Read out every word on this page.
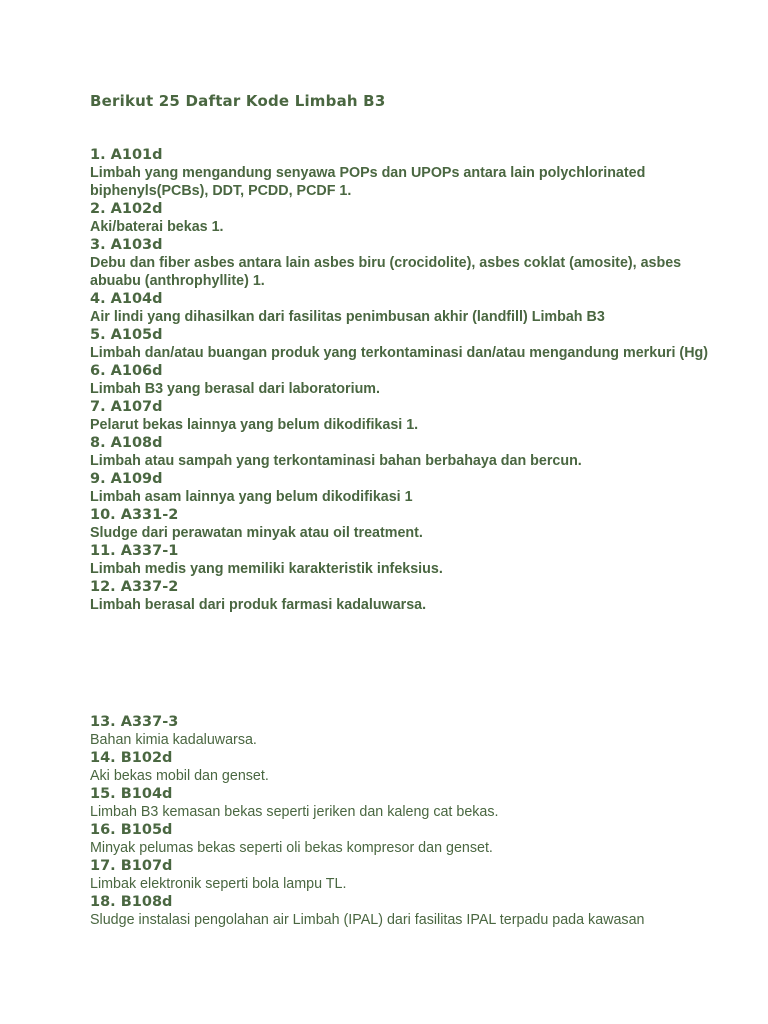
Berikut 25 Daftar Kode Limbah B3
1. A101d
Limbah yang mengandung senyawa POPs dan UPOPs antara lain polychlorinated biphenyls(PCBs), DDT, PCDD, PCDF 1.
2. A102d
Aki/baterai bekas 1.
3. A103d
Debu dan fiber asbes antara lain asbes biru (crocidolite), asbes coklat (amosite), asbes abuabu (anthrophyllite) 1.
4. A104d
Air lindi yang dihasilkan dari fasilitas penimbusan akhir (landfill) Limbah B3
5. A105d
Limbah dan/atau buangan produk yang terkontaminasi dan/atau mengandung merkuri (Hg)
6. A106d
Limbah B3 yang berasal dari laboratorium.
7. A107d
Pelarut bekas lainnya yang belum dikodifikasi 1.
8. A108d
Limbah atau sampah yang terkontaminasi bahan berbahaya dan bercun.
9. A109d
Limbah asam lainnya yang belum dikodifikasi 1
10. A331-2
Sludge dari perawatan minyak atau oil treatment.
11. A337-1
Limbah medis yang memiliki karakteristik infeksius.
12. A337-2
Limbah berasal dari produk farmasi kadaluwarsa.
13. A337-3
Bahan kimia kadaluwarsa.
14. B102d
Aki bekas mobil dan genset.
15. B104d
Limbah B3 kemasan bekas seperti jeriken dan kaleng cat bekas.
16. B105d
Minyak pelumas bekas seperti oli bekas kompresor dan genset.
17. B107d
Limbak elektronik seperti bola lampu TL.
18. B108d
Sludge instalasi pengolahan air Limbah (IPAL) dari fasilitas IPAL terpadu pada kawasan
